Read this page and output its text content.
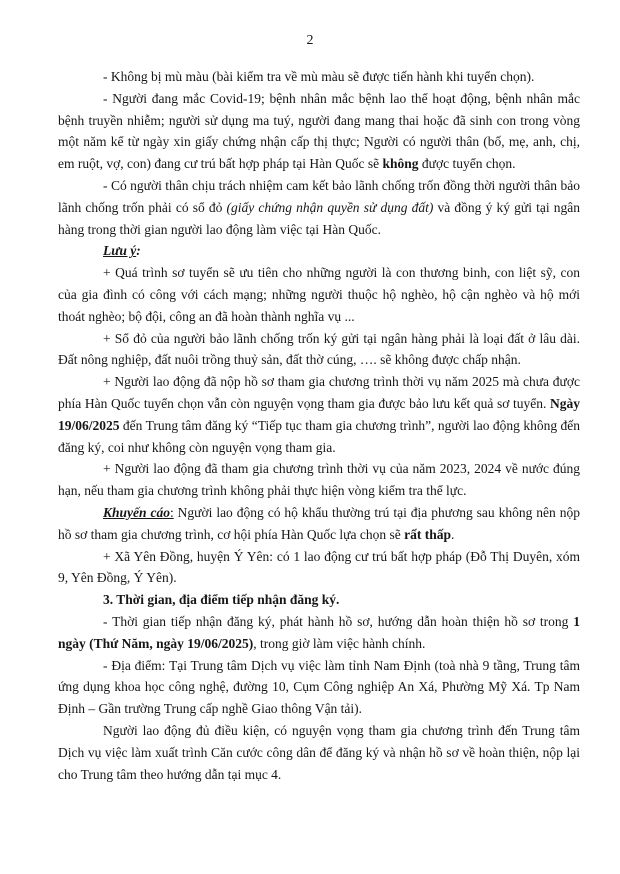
2

- Không bị mù màu (bài kiểm tra về mù màu sẽ được tiến hành khi tuyển chọn).

- Người đang mắc Covid-19; bệnh nhân mắc bệnh lao thể hoạt động, bệnh nhân mắc bệnh truyền nhiễm; người sử dụng ma tuý, người đang mang thai hoặc đã sinh con trong vòng một năm kể từ ngày xin giấy chứng nhận cấp thị thực; Người có người thân (bố, mẹ, anh, chị, em ruột, vợ, con) đang cư trú bất hợp pháp tại Hàn Quốc sẽ không được tuyển chọn.

- Có người thân chịu trách nhiệm cam kết bảo lãnh chống trốn đồng thời người thân bảo lãnh chống trốn phải có sổ đỏ (giấy chứng nhận quyền sử dụng đất) và đồng ý ký gửi tại ngân hàng trong thời gian người lao động làm việc tại Hàn Quốc.

Lưu ý:

+ Quá trình sơ tuyển sẽ ưu tiên cho những người là con thương binh, con liệt sỹ, con của gia đình có công với cách mạng; những người thuộc hộ nghèo, hộ cận nghèo và hộ mới thoát nghèo; bộ đội, công an đã hoàn thành nghĩa vụ ...

+ Sổ đỏ của người bảo lãnh chống trốn ký gửi tại ngân hàng phải là loại đất ở lâu dài. Đất nông nghiệp, đất nuôi trồng thuỷ sản, đất thờ cúng, …. sẽ không được chấp nhận.

+ Người lao động đã nộp hồ sơ tham gia chương trình thời vụ năm 2025 mà chưa được phía Hàn Quốc tuyển chọn vẫn còn nguyện vọng tham gia được bảo lưu kết quả sơ tuyển. Ngày 19/06/2025 đến Trung tâm đăng ký “Tiếp tục tham gia chương trình”, người lao động không đến đăng ký, coi như không còn nguyện vọng tham gia.

+ Người lao động đã tham gia chương trình thời vụ của năm 2023, 2024 về nước đúng hạn, nếu tham gia chương trình không phải thực hiện vòng kiểm tra thể lực.

Khuyến cáo: Người lao động có hộ khẩu thường trú tại địa phương sau không nên nộp hồ sơ tham gia chương trình, cơ hội phía Hàn Quốc lựa chọn sẽ rất thấp.

+ Xã Yên Đồng, huyện Ý Yên: có 1 lao động cư trú bất hợp pháp (Đỗ Thị Duyên, xóm 9, Yên Đồng, Ý Yên).

3. Thời gian, địa điểm tiếp nhận đăng ký.

- Thời gian tiếp nhận đăng ký, phát hành hồ sơ, hướng dẫn hoàn thiện hồ sơ trong 1 ngày (Thứ Năm, ngày 19/06/2025), trong giờ làm việc hành chính.

- Địa điểm: Tại Trung tâm Dịch vụ việc làm tỉnh Nam Định (toà nhà 9 tầng, Trung tâm ứng dụng khoa học công nghệ, đường 10, Cụm Công nghiệp An Xá, Phường Mỹ Xá. Tp Nam Định – Gần trường Trung cấp nghề Giao thông Vận tải).

Người lao động đủ điều kiện, có nguyện vọng tham gia chương trình đến Trung tâm Dịch vụ việc làm xuất trình Căn cước công dân để đăng ký và nhận hồ sơ về hoàn thiện, nộp lại cho Trung tâm theo hướng dẫn tại mục 4.
